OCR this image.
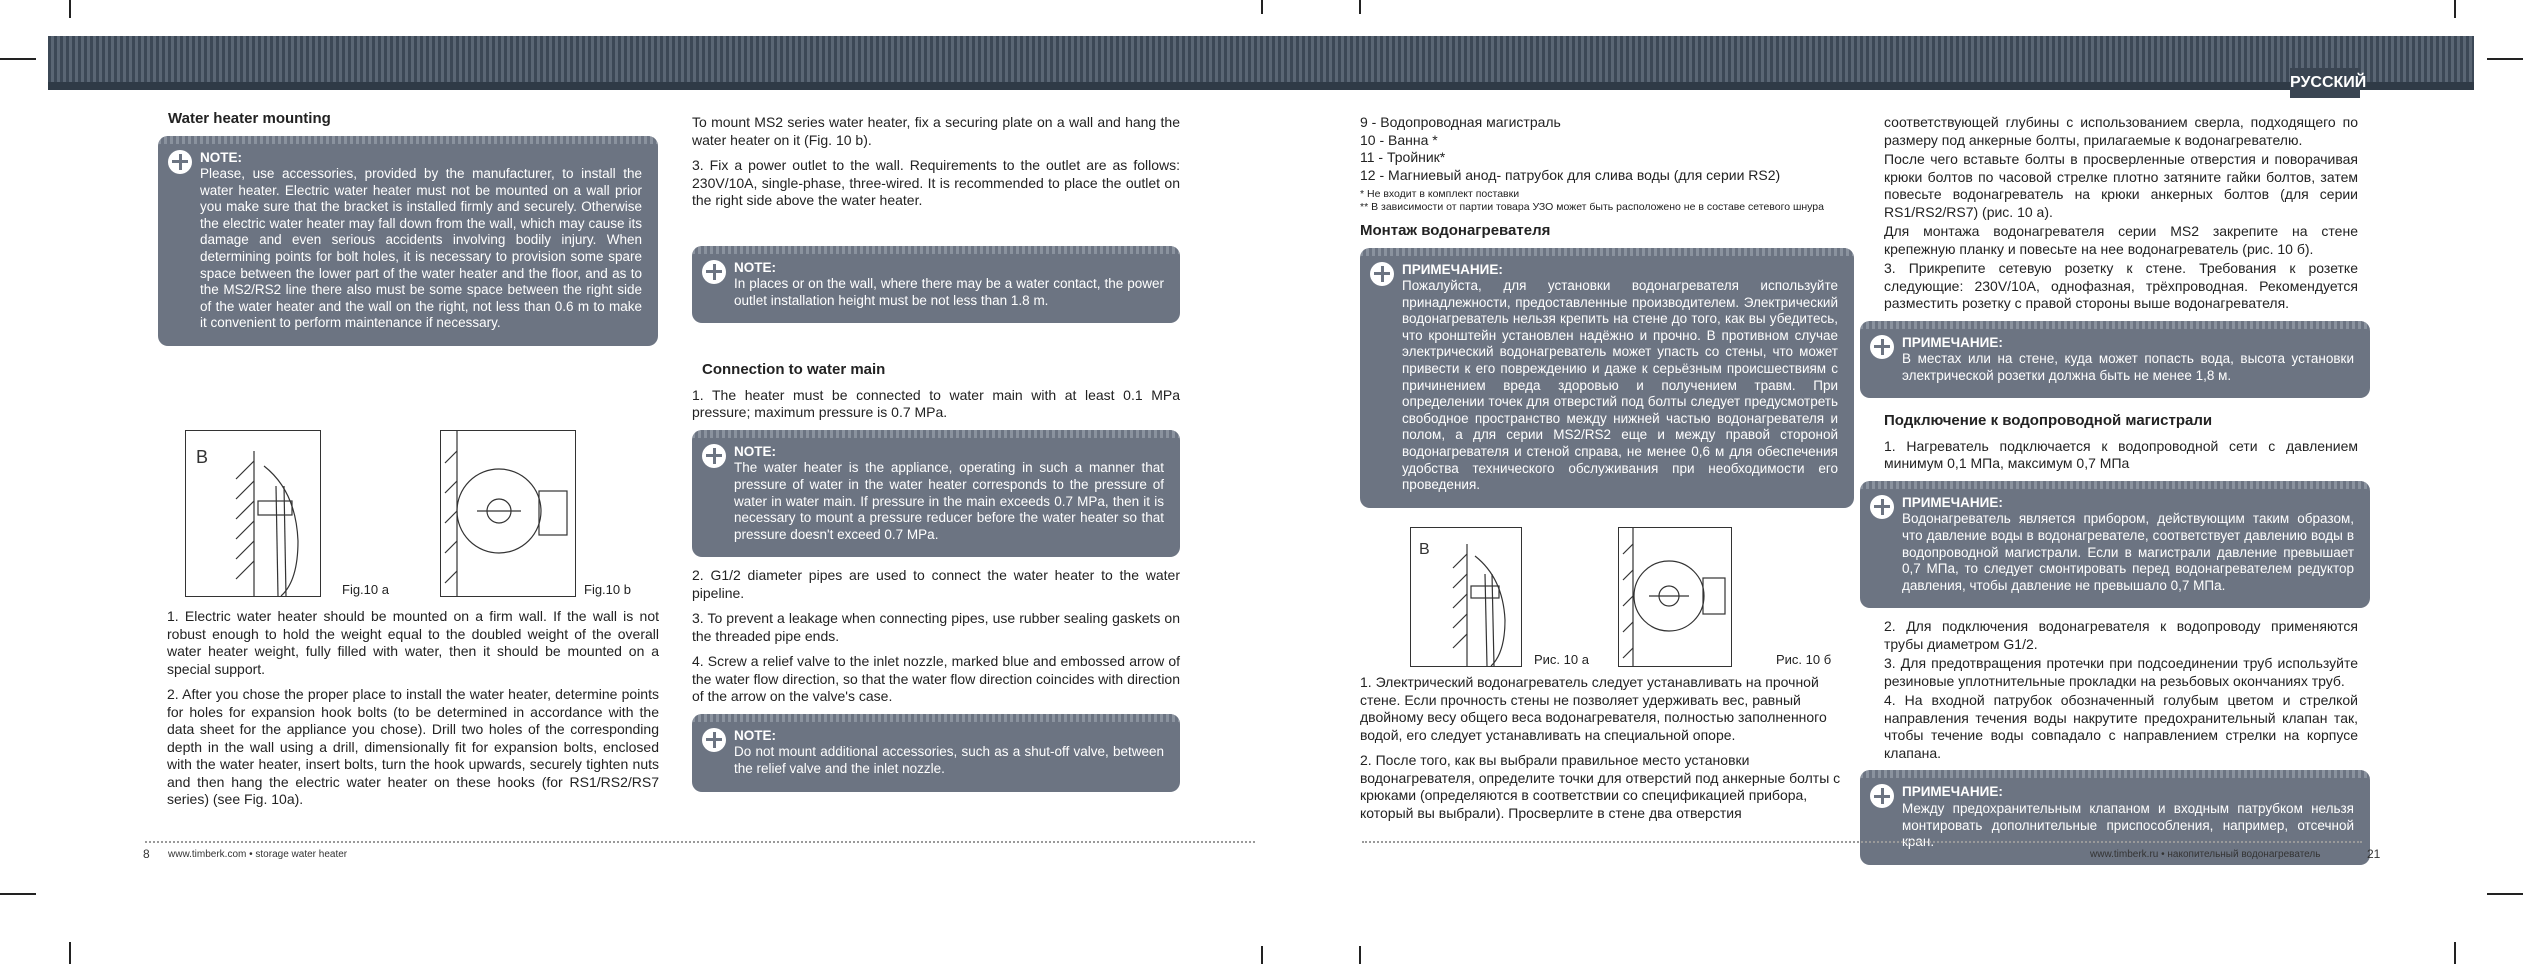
РУССКИЙ
Water heater mounting
NOTE:
Please, use accessories, provided by the manufacturer, to install the water heater. Electric water heater must not be mounted on a wall prior you make sure that the bracket is installed firmly and securely. Otherwise the electric water heater may fall down from the wall, which may cause its damage and even serious accidents involving bodily injury. When determining points for bolt holes, it is necessary to provision some spare space between the lower part of the water heater and the floor, and as to the MS2/RS2 line there also must be some space between the right side of the water heater and the wall on the right, not less than 0.6 m to make it convenient to perform maintenance if necessary.
B
Fig.10 a	Fig.10 b

1. Electric water heater should be mounted on a firm wall. If the wall is not robust enough to hold the weight equal to the doubled weight of the overall water heater weight, fully filled with water, then it should be mounted on a special support.

2. After you chose the proper place to install the water heater, determine points for holes for expansion hook bolts (to be determined in accordance with the data sheet for the appliance you chose). Drill two holes of the corresponding depth in the wall using a drill, dimensionally fit for expansion bolts, enclosed with the water heater, insert bolts, turn the hook upwards, securely tighten nuts and then hang the electric water heater on these hooks (for RS1/RS2/RS7 series) (see Fig. 10a).

To mount MS2 series water heater, fix a securing plate on a wall and hang the water heater on it (Fig. 10 b).

3. Fix a power outlet to the wall. Requirements to the outlet are as follows: 230V/10A, single-phase, three-wired. It is recommended to place the outlet on the right side above the water heater.

NOTE:
In places or on the wall, where there may be a water contact, the power outlet installation height must be not less than 1.8 m.
Connection to water main

1. The heater must be connected to water main with at least 0.1 MPa pressure; maximum pressure is 0.7 MPa.

NOTE:
The water heater is the appliance, operating in such a manner that pressure of water in the water heater corresponds to the pressure of water in water main. If pressure in the main exceeds 0.7 MPa, then it is necessary to mount a pressure reducer before the water heater so that pressure doesn't exceed 0.7 MPa.

2. G1/2 diameter pipes are used to connect the water heater to the water pipeline.

3. To prevent a leakage when connecting pipes, use rubber sealing gaskets on the threaded pipe ends.

4. Screw a relief valve to the inlet nozzle, marked blue and embossed arrow of the water flow direction, so that the water flow direction coincides with direction of the arrow on the valve's case.

NOTE:
Do not mount additional accessories, such as a shut-off valve, between the relief valve and the inlet nozzle.
9 - Водопроводная магистраль
10 - Ванна *
11 - Тройник*
12 - Магниевый анод- патрубок для слива воды (для серии RS2)
* Не входит в комплект поставки
** В зависимости от партии товара УЗО может быть расположено не в составе сетевого шнура
Монтаж водонагревателя
ПРИМЕЧАНИЕ:
Пожалуйста, для установки водонагревателя используйте принадлежности, предоставленные производителем. Электрический водонагреватель нельзя крепить на стене до того, как вы убедитесь, что кронштейн установлен надёжно и прочно. В противном случае электрический водонагреватель может упасть со стены, что может привести к его повреждению и даже к серьёзным происшествиям с причинением вреда здоровью и получением травм. При определении точек для отверстий под болты следует предусмотреть свободное пространство между нижней частью водонагревателя и полом, а для серии MS2/RS2 еще и между правой стороной водонагревателя и стеной справа, не менее 0,6 м для обеспечения удобства технического обслуживания при необходимости его проведения.
B
Рис. 10 а	Рис. 10 б

1. Электрический водонагреватель следует устанавливать на прочной стене. Если прочность стены не позволяет удерживать вес, равный двойному весу общего веса водонагревателя, полностью заполненного водой, его следует устанавливать на специальной опоре.

2. После того, как вы выбрали правильное место установки водонагревателя, определите точки для отверстий под анкерные болты с крюками (определяются в соответствии со спецификацией прибора, который вы выбрали). Просверлите в стене два отверстия

соответствующей глубины с использованием сверла, подходящего по размеру под анкерные болты, прилагаемые к водонагревателю.

После чего вставьте болты в просверленные отверстия и поворачивая крюки болтов по часовой стрелке плотно затяните гайки болтов, затем повесьте водонагреватель на крюки анкерных болтов (для серии RS1/RS2/RS7) (рис. 10 а).

Для монтажа водонагревателя серии MS2 закрепите на стене крепежную планку и повесьте на нее водонагреватель (рис. 10 б).

3. Прикрепите сетевую розетку к стене. Требования к розетке следующие: 230V/10A, однофазная, трёхпроводная. Рекомендуется разместить розетку с правой стороны выше водонагревателя.

ПРИМЕЧАНИЕ:
В местах или на стене, куда может попасть вода, высота установки электрической розетки должна быть не менее 1,8 м.
Подключение к водопроводной магистрали

1. Нагреватель подключается к водопроводной сети с давлением минимум 0,1 МПа, максимум 0,7 МПа

ПРИМЕЧАНИЕ:
Водонагреватель является прибором, действующим таким образом, что давление воды в водонагревателе, соответствует давлению воды в водопроводной магистрали. Если в магистрали давление превышает 0,7 МПа, то следует смонтировать перед водонагревателем редуктор давления, чтобы давление не превышало 0,7 МПа.

2. Для подключения водонагревателя к водопроводу применяются трубы диаметром G1/2.

3. Для предотвращения протечки при подсоединении труб используйте резиновые уплотнительные прокладки на резьбовых окончаниях труб.

4. На входной патрубок обозначенный голубым цветом и стрелкой направления течения воды накрутите предохранительный клапан так, чтобы течение воды совпадало с направлением стрелки на корпусе клапана.

ПРИМЕЧАНИЕ:
Между предохранительным клапаном и входным патрубком нельзя монтировать дополнительные приспособления, например, отсечной кран.
8 www.timberk.com • storage water heater	www.timberk.ru • накопительный водонагреватель	21
